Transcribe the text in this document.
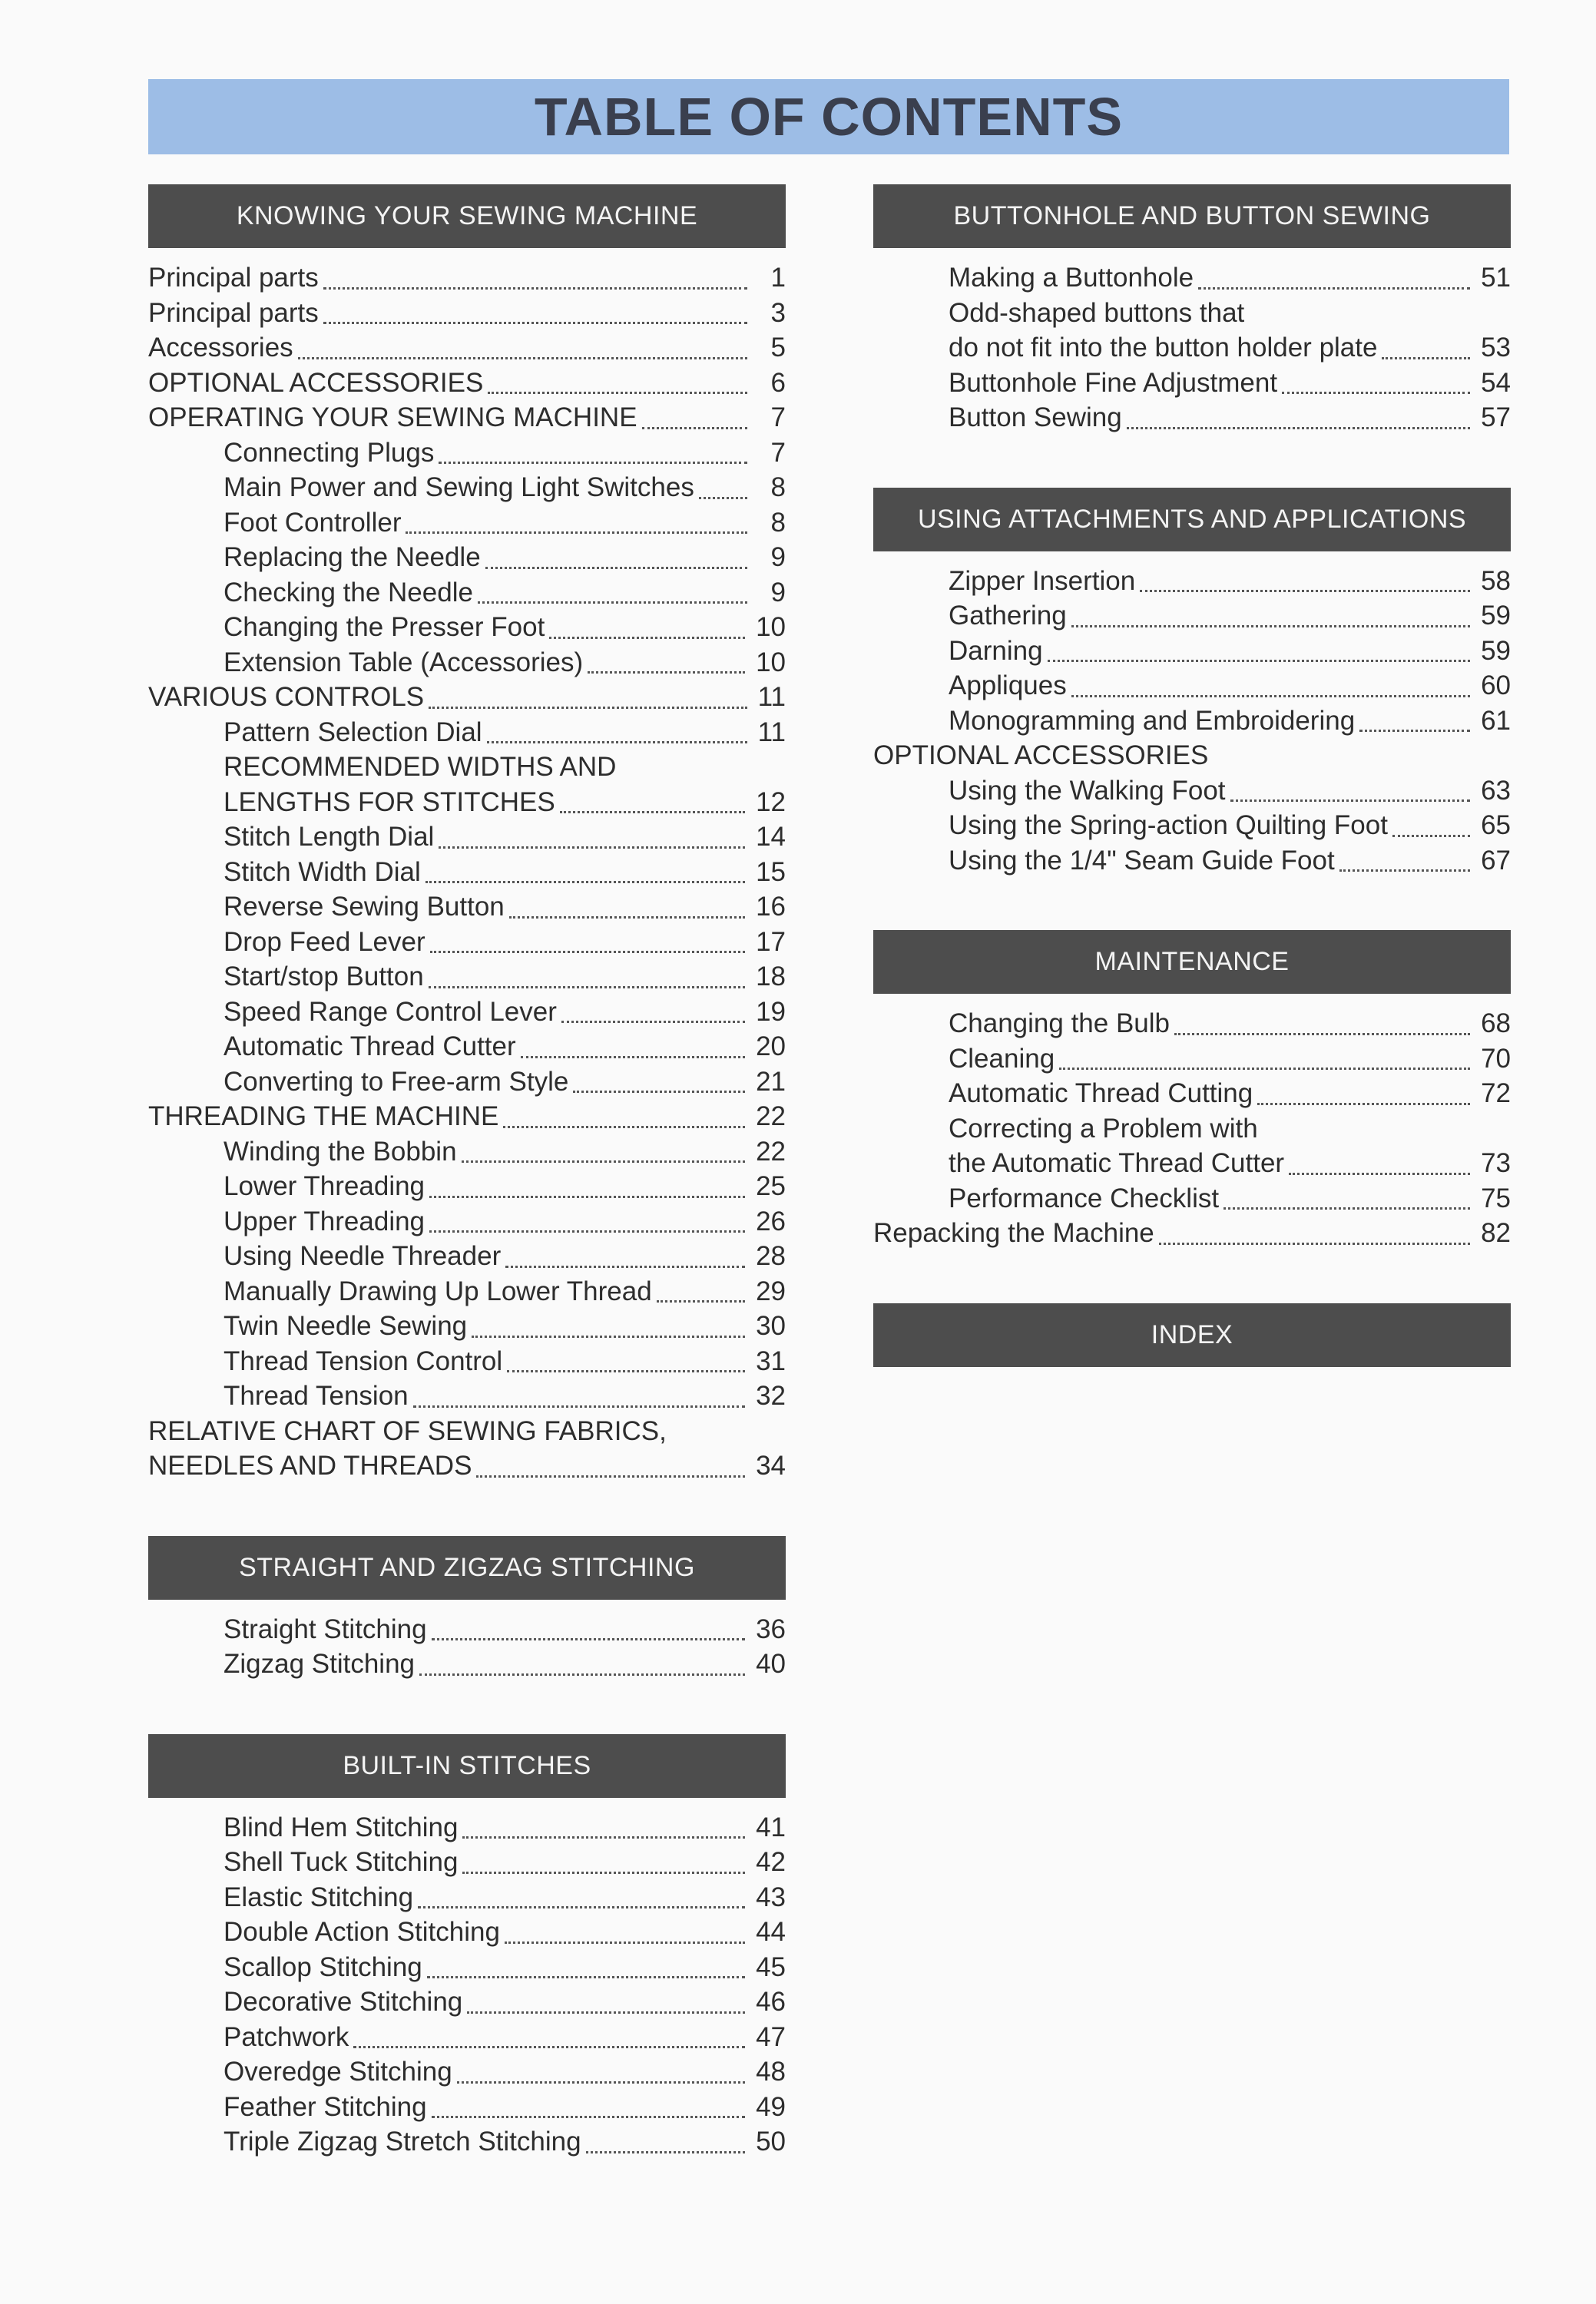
TABLE OF CONTENTS
KNOWING YOUR SEWING MACHINE
Principal parts	1
Principal parts	3
Accessories	5
OPTIONAL ACCESSORIES	6
OPERATING YOUR SEWING MACHINE	7
Connecting Plugs	7
Main Power and Sewing Light Switches	8
Foot Controller	8
Replacing the Needle	9
Checking the Needle	9
Changing the Presser Foot	10
Extension Table (Accessories)	10
VARIOUS CONTROLS	11
Pattern Selection Dial	11
RECOMMENDED WIDTHS AND
LENGTHS FOR STITCHES	12
Stitch Length Dial	14
Stitch Width Dial	15
Reverse Sewing Button	16
Drop Feed Lever	17
Start/stop Button	18
Speed Range Control Lever	19
Automatic Thread Cutter	20
Converting to Free-arm Style	21
THREADING THE MACHINE	22
Winding the Bobbin	22
Lower Threading	25
Upper Threading	26
Using Needle Threader	28
Manually Drawing Up Lower Thread	29
Twin Needle Sewing	30
Thread Tension Control	31
Thread Tension	32
RELATIVE CHART OF SEWING FABRICS,
NEEDLES AND THREADS	34
STRAIGHT AND ZIGZAG STITCHING
Straight Stitching	36
Zigzag Stitching	40
BUILT-IN STITCHES
Blind Hem Stitching	41
Shell Tuck Stitching	42
Elastic Stitching	43
Double Action Stitching	44
Scallop Stitching	45
Decorative Stitching	46
Patchwork	47
Overedge Stitching	48
Feather Stitching	49
Triple Zigzag Stretch Stitching	50
BUTTONHOLE AND BUTTON SEWING
Making a Buttonhole	51
Odd-shaped buttons that
do not fit into the button holder plate	53
Buttonhole Fine Adjustment	54
Button Sewing	57
USING ATTACHMENTS AND APPLICATIONS
Zipper Insertion	58
Gathering	59
Darning	59
Appliques	60
Monogramming and Embroidering	61
OPTIONAL ACCESSORIES
Using the Walking Foot	63
Using the Spring-action Quilting Foot	65
Using the 1/4" Seam Guide Foot	67
MAINTENANCE
Changing the Bulb	68
Cleaning	70
Automatic Thread Cutting	72
Correcting a Problem with
the Automatic Thread Cutter	73
Performance Checklist	75
Repacking the Machine	82
INDEX
